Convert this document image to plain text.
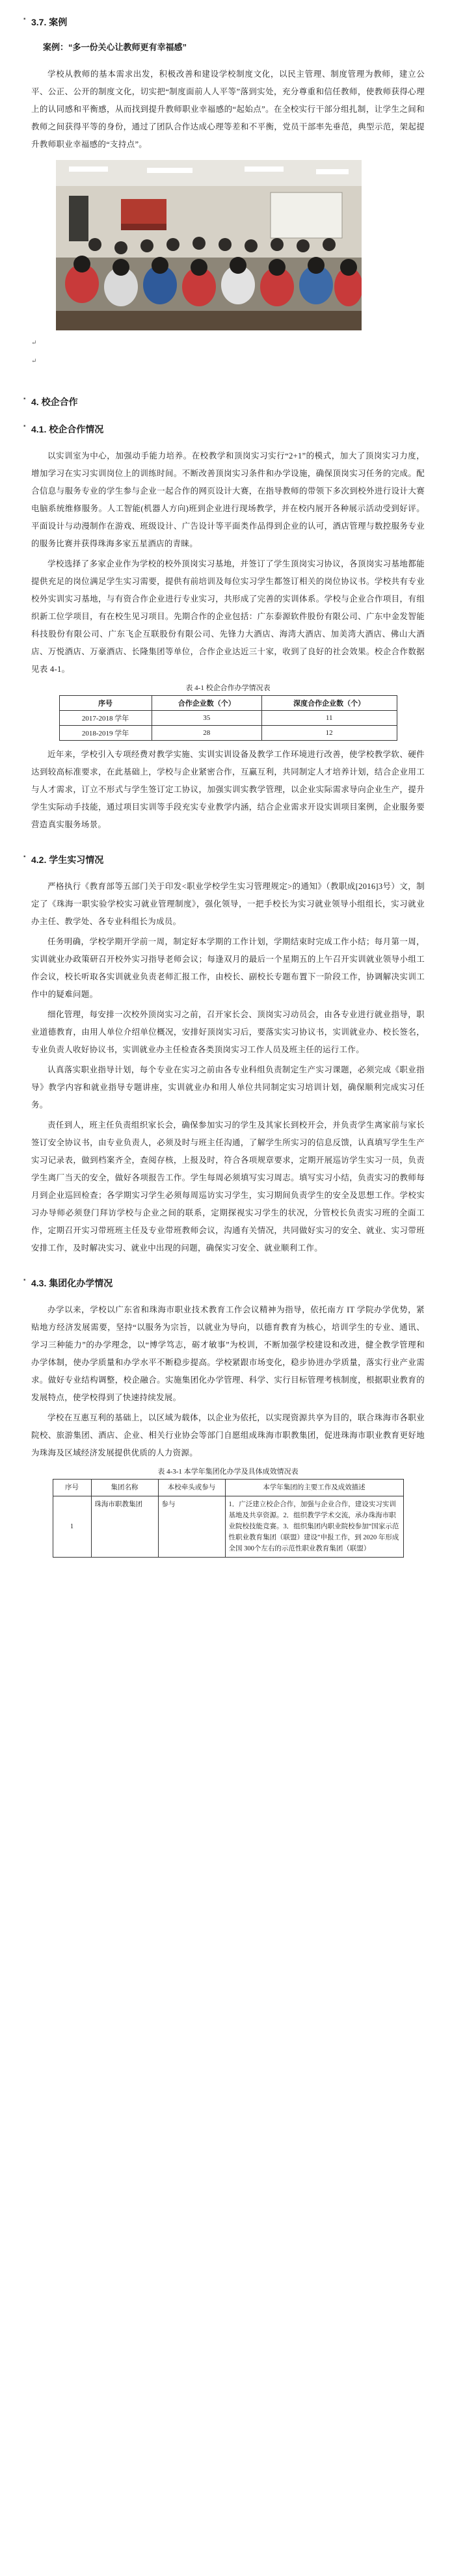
▪ 3.7. 案例
案例：“多一份关心让教师更有幸福感”

学校从教师的基本需求出发，积极改善和建设学校制度文化，以民主管理、制度管理为教师，建立公平、公正、公开的制度文化，切实把“制度面前人人平等”落到实处，充分尊重和信任教师，使教师获得心理上的认同感和平衡感，从而找到提升教师职业幸福感的“起始点”。在全校实行干部分组扎制，让学生之间和教师之间获得平等的身份，通过了团队合作达成心理等差和不平衡，党员干部率先垂范，典型示范，架起提升教师职业幸福感的“支持点”。

↵
↵
▪ 4. 校企合作
▪ 4.1. 校企合作情况

以实训室为中心，加强动手能力培养。在校教学和顶岗实习实行“2+1”的模式，加大了顶岗实习力度，增加学习在实习实训岗位上的训练时间。不断改善顶岗实习条件和办学设施，确保顶岗实习任务的完成。配合信息与服务专业的学生参与企业一起合作的网页设计大赛，在指导教师的带领下多次到校外进行设计大赛电脑系统维修服务。人工智能(机器人方向)班到企业进行现场教学，并在校内展开各种展示活动受到好评。平面设计与动漫制作在游戏、班级设计、广告设计等平面类作品得到企业的认可，酒店管理与数控服务专业的服务比赛并获得珠海多家五星酒店的青睐。

学校选择了多家企业作为学校的校外顶岗实习基地，并签订了学生顶岗实习协议，各顶岗实习基地都能提供充足的岗位满足学生实习需要，提供有前培训及每位实习学生都签订相关的岗位协议书。学校共有专业校外实训实习基地，与有资合作企业进行专业实习，共形成了完善的实训体系。学校与企业合作项目，有组织新工位学项目，有在校生见习项目。先期合作的企业包括：广东泰源软件股份有限公司、广东中金发智能科技股份有限公司、广东飞企互联股份有限公司、先锋力大酒店、海湾大酒店、加美湾大酒店、佛山大酒店、万悦酒店、万豪酒店、长隆集团等单位，合作企业达近三十家，收到了良好的社会效果。校企合作数据见表 4-1。

表 4-1 校企合作办学情况表
序号	合作企业数（个）	深度合作企业数（个）
2017-2018 学年	35	11
2018-2019 学年	28	12

近年来，学校引入专项经费对教学实施、实训实训设备及教学工作环境进行改善，使学校教学软、硬件达到较高标准要求，在此基础上，学校与企业紧密合作，互赢互利，共同制定人才培养计划，结合企业用工与人才需求，订立不形式与学生签订定工协议，加强实训实教学管理，以企业实际需求导向企业生产，提升学生实际动手技能，通过项目实训等手段充实专业教学内涵，结合企业需求开设实训项目案例，企业服务要营造真实服务场景。

▪ 4.2. 学生实习情况

严格执行《教育部等五部门关于印发<职业学校学生实习管理规定>的通知》（教职成[2016]3号）文，制定了《珠海一职实验学校实习就业管理制度》，强化领导，一把手校长为实习就业领导小组组长，实习就业办主任、教学处、各专业科组长为成员。

任务明确，学校学期开学前一周，制定好本学期的工作计划，学期结束时完成工作小结；每月第一周，实训就业办政策研召开校外实习指导老师会议；每逢双月的最后一个星期五的上午召开实训就业领导小组工作会议，校长听取各实训就业负责老师汇报工作，由校长、副校长专题布置下一阶段工作，协调解决实训工作中的疑难问题。

细化管理，每安排一次校外顶岗实习之前，召开家长会、顶岗实习动员会，由各专业进行就业指导，职业道德教育，由用人单位介绍单位概况，安排好顶岗实习后，要落实实习协议书，实训就业办、校长签名，专业负责人收好协议书，实训就业办主任检查各类顶岗实习工作人员及班主任的运行工作。

认真落实职业指导计划，每个专业在实习之前由各专业科组负责制定生产实习课题，必须完成《职业指导》教学内容和就业指导专题讲座，实训就业办和用人单位共同制定实习培训计划，确保顺利完成实习任务。

责任到人，班主任负责组织家长会，确保参加实习的学生及其家长到校开会，并负责学生离家前与家长签订安全协议书，由专业负责人，必须及时与班主任沟通，了解学生所实习的信息反馈，认真填写学生生产实习记录表，做到档案齐全，查阅存核，上报及时，符合各项规章要求，定期开展巡访学生实习一员，负责学生离厂当天的安全，做好各项报告工作。学生每周必须填写实习周志。填写实习小结，负责实习的教师每月到企业巡回检查；各学期实习学生必须每周巡访实习学生，实习期间负责学生的安全及思想工作。学校实习办导师必须登门拜访学校与企业之间的联系，定期探视实习学生的状况，分管校长负责实习班的全面工作，定期召开实习带班班主任及专业带班教师会议，沟通有关情况，共同做好实习的安全、就业、实习带班安排工作，及时解决实习、就业中出现的问题，确保实习安全、就业顺利工作。

▪ 4.3. 集团化办学情况

办学以来，学校以广东省和珠海市职业技术教育工作会议精神为指导，依托南方 IT 学院办学优势，紧贴地方经济发展需要，坚持“以服务为宗旨，以就业为导向，以德育教育为核心，培训学生的专业、通讯、学习三种能力”的办学理念，以“博学笃志，砺才敏事”为校训，不断加强学校建设和改进，健全教学管理和办学体制，使办学质量和办学水平不断稳步提高。学校紧跟市场变化，稳步协进办学质量，落实行业产业需求。做好专业结构调整，校企融合。实施集团化办学管理、科学、实行目标管理考核制度，根据职业教育的发展特点，使学校得到了快速持续发展。

学校在互惠互利的基础上，以区域为载体，以企业为依托，以实现资源共享为目的，联合珠海市各职业院校、旅游集团、酒店、企业、相关行业协会等部门自愿组成珠海市职教集团，促进珠海市职业教育更好地为珠海及区域经济发展提供优质的人力资源。

表 4-3-1 本学年集团化办学及具体成效情况表
序号	集团名称	本校牵头或参与	本学年集团的主要工作及成效描述
1	珠海市职教集团	参与	1．广泛建立校企合作，加强与企业合作，建设实习实训基地及共享资源。2．组织教学学术交流，承办珠海市职业院校技能竞赛。3．组织集团内职业院校参加“国家示范性职业教育集团（联盟）建设”申报工作，到 2020 年形成全国 300个左右的示范性职业教育集团（联盟）
